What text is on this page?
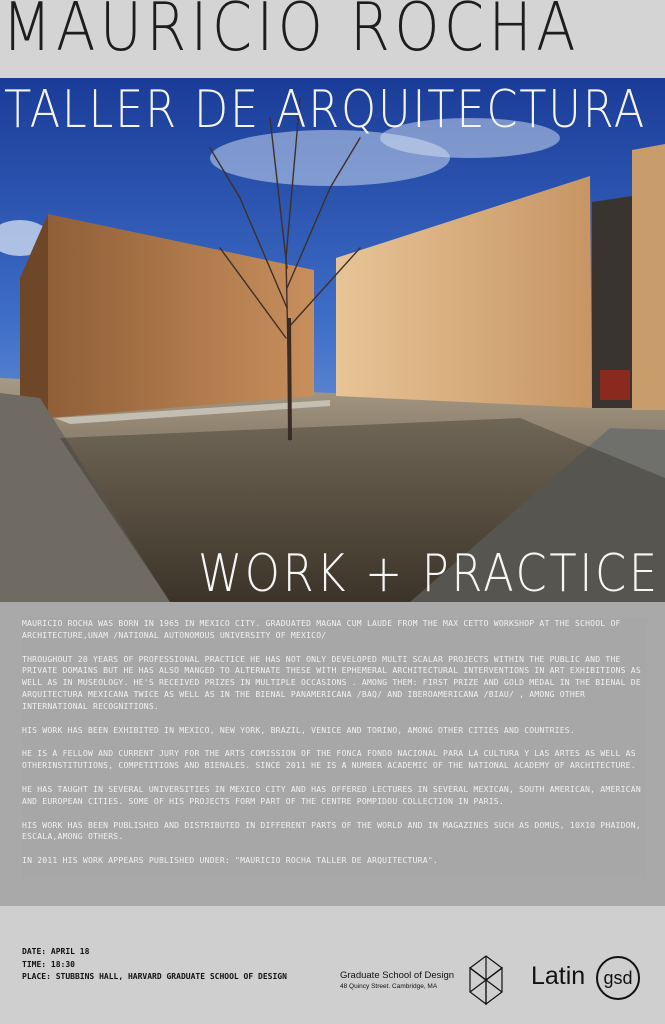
MAURICIO ROCHA
TALLER DE ARQUITECTURA
WORK + PRACTICE

MAURICIO ROCHA WAS BORN IN 1965 IN MEXICO CITY. GRADUATED MAGNA CUM LAUDE FROM THE MAX CETTO WORKSHOP AT THE SCHOOL OF ARCHITECTURE,UNAM /NATIONAL AUTONOMOUS UNIVERSITY OF MEXICO/

THROUGHOUT 20 YEARS OF PROFESSIONAL PRACTICE HE HAS NOT ONLY DEVELOPED MULTI SCALAR PROJECTS WITHIN THE PUBLIC AND THE PRIVATE DOMAINS BUT HE HAS ALSO MANGED TO ALTERNATE THESE WITH EPHEMERAL ARCHITECTURAL INTERVENTIONS IN ART EXHIBITIONS AS WELL AS IN MUSEOLOGY. HE'S RECEIVED PRIZES IN MULTIPLE OCCASIONS . AMONG THEM: FIRST PRIZE AND GOLD MEDAL IN THE BIENAL DE ARQUITECTURA MEXICANA TWICE AS WELL AS IN THE BIENAL PANAMERICANA /BAQ/ AND IBEROAMERICANA /BIAU/ , AMONG OTHER INTERNATIONAL RECOGNITIONS.

HIS WORK HAS BEEN EXHIBITED IN MEXICO, NEW YORK, BRAZIL, VENICE AND TORINO, AMONG OTHER CITIES AND COUNTRIES.

HE IS A FELLOW AND CURRENT JURY FOR THE ARTS COMISSION OF THE FONCA FONDO NACIONAL PARA LA CULTURA Y LAS ARTES AS WELL AS OTHERINSTITUTIONS, COMPETITIONS AND BIENALES. SINCE 2011 HE IS A NUMBER ACADEMIC OF THE NATIONAL ACADEMY OF ARCHITECTURE.

HE HAS TAUGHT IN SEVERAL UNIVERSITIES IN MEXICO CITY AND HAS OFFERED LECTURES IN SEVERAL MEXICAN, SOUTH AMERICAN, AMERICAN AND EUROPEAN CITIES. SOME OF HIS PROJECTS FORM PART OF THE CENTRE POMPIDOU COLLECTION IN PARIS.

HIS WORK HAS BEEN PUBLISHED AND DISTRIBUTED IN DIFFERENT PARTS OF THE WORLD AND IN MAGAZINES SUCH AS DOMUS, 10X10 PHAIDON, ESCALA,AMONG OTHERS.

IN 2011 HIS WORK APPEARS PUBLISHED UNDER: "MAURICIO ROCHA TALLER DE ARQUITECTURA".

DATE: APRIL 18
TIME: 18:30
PLACE: STUBBINS HALL, HARVARD GRADUATE SCHOOL OF DESIGN	Graduate School of Design
48 Quincy Street. Cambridge, MA	Latin gsd
